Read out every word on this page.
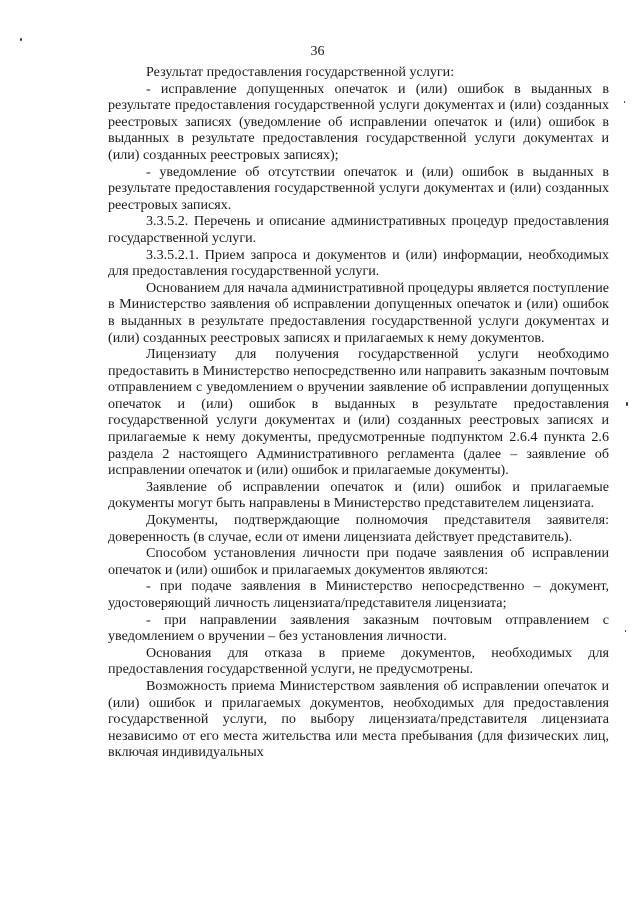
36

Результат предоставления государственной услуги:

- исправление допущенных опечаток и (или) ошибок в выданных в результате предоставления государственной услуги документах и (или) созданных реестровых записях (уведомление об исправлении опечаток и (или) ошибок в выданных в результате предоставления государственной услуги документах и (или) созданных реестровых записях);

- уведомление об отсутствии опечаток и (или) ошибок в выданных в результате предоставления государственной услуги документах и (или) созданных реестровых записях.

3.3.5.2. Перечень и описание административных процедур предоставления государственной услуги.

3.3.5.2.1. Прием запроса и документов и (или) информации, необходимых для предоставления государственной услуги.

Основанием для начала административной процедуры является поступление в Министерство заявления об исправлении допущенных опечаток и (или) ошибок в выданных в результате предоставления государственной услуги документах и (или) созданных реестровых записях и прилагаемых к нему документов.

Лицензиату для получения государственной услуги необходимо предоставить в Министерство непосредственно или направить заказным почтовым отправлением с уведомлением о вручении заявление об исправлении допущенных опечаток и (или) ошибок в выданных в результате предоставления государственной услуги документах и (или) созданных реестровых записях и прилагаемые к нему документы, предусмотренные подпунктом 2.6.4 пункта 2.6 раздела 2 настоящего Административного регламента (далее – заявление об исправлении опечаток и (или) ошибок и прилагаемые документы).

Заявление об исправлении опечаток и (или) ошибок и прилагаемые документы могут быть направлены в Министерство представителем лицензиата.

Документы, подтверждающие полномочия представителя заявителя: доверенность (в случае, если от имени лицензиата действует представитель).

Способом установления личности при подаче заявления об исправлении опечаток и (или) ошибок и прилагаемых документов являются:

- при подаче заявления в Министерство непосредственно – документ, удостоверяющий личность лицензиата/представителя лицензиата;

- при направлении заявления заказным почтовым отправлением с уведомлением о вручении – без установления личности.

Основания для отказа в приеме документов, необходимых для предоставления государственной услуги, не предусмотрены.

Возможность приема Министерством заявления об исправлении опечаток и (или) ошибок и прилагаемых документов, необходимых для предоставления государственной услуги, по выбору лицензиата/представителя лицензиата независимо от его места жительства или места пребывания (для физических лиц, включая индивидуальных
